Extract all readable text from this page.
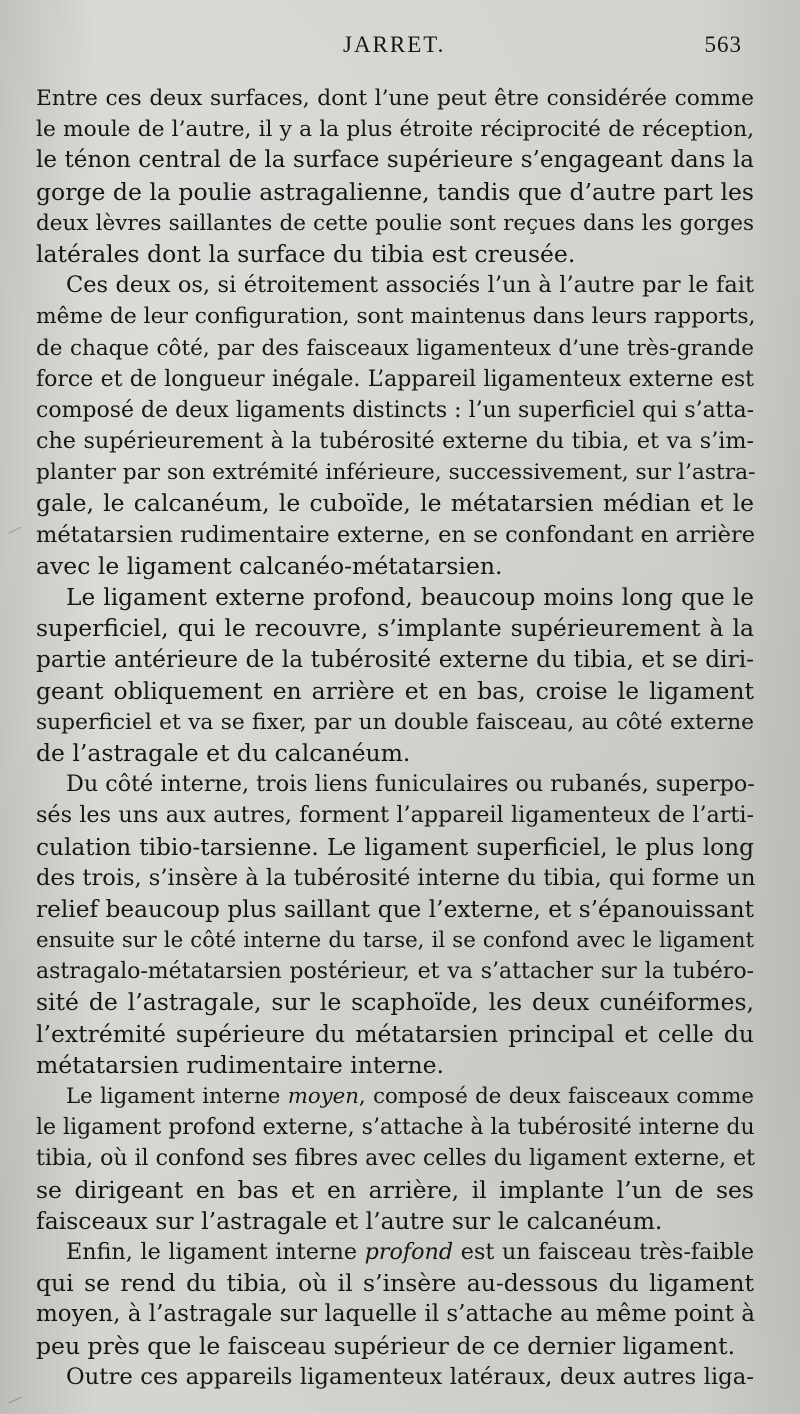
JARRET.	563
Entre ces deux surfaces, dont l’une peut être considérée comme
le moule de l’autre, il y a la plus étroite réciprocité de réception,
le ténon central de la surface supérieure s’engageant dans la
gorge de la poulie astragalienne, tandis que d’autre part les
deux lèvres saillantes de cette poulie sont reçues dans les gorges
latérales dont la surface du tibia est creusée.
Ces deux os, si étroitement associés l’un à l’autre par le fait
même de leur configuration, sont maintenus dans leurs rapports,
de chaque côté, par des faisceaux ligamenteux d’une très-grande
force et de longueur inégale. L’appareil ligamenteux externe est
composé de deux ligaments distincts : l’un superficiel qui s’atta-
che supérieurement à la tubérosité externe du tibia, et va s’im-
planter par son extrémité inférieure, successivement, sur l’astra-
gale, le calcanéum, le cuboïde, le métatarsien médian et le
métatarsien rudimentaire externe, en se confondant en arrière
avec le ligament calcanéo-métatarsien.
Le ligament externe profond, beaucoup moins long que le
superficiel, qui le recouvre, s’implante supérieurement à la
partie antérieure de la tubérosité externe du tibia, et se diri-
geant obliquement en arrière et en bas, croise le ligament
superficiel et va se fixer, par un double faisceau, au côté externe
de l’astragale et du calcanéum.
Du côté interne, trois liens funiculaires ou rubanés, superpo-
sés les uns aux autres, forment l’appareil ligamenteux de l’arti-
culation tibio-tarsienne. Le ligament superficiel, le plus long
des trois, s’insère à la tubérosité interne du tibia, qui forme un
relief beaucoup plus saillant que l’externe, et s’épanouissant
ensuite sur le côté interne du tarse, il se confond avec le ligament
astragalo-métatarsien postérieur, et va s’attacher sur la tubéro-
sité de l’astragale, sur le scaphoïde, les deux cunéiformes,
l’extrémité supérieure du métatarsien principal et celle du
métatarsien rudimentaire interne.
Le ligament interne moyen, composé de deux faisceaux comme
le ligament profond externe, s’attache à la tubérosité interne du
tibia, où il confond ses fibres avec celles du ligament externe, et
se dirigeant en bas et en arrière, il implante l’un de ses
faisceaux sur l’astragale et l’autre sur le calcanéum.
Enfin, le ligament interne profond est un faisceau très-faible
qui se rend du tibia, où il s’insère au-dessous du ligament
moyen, à l’astragale sur laquelle il s’attache au même point à
peu près que le faisceau supérieur de ce dernier ligament.
Outre ces appareils ligamenteux latéraux, deux autres liga-
